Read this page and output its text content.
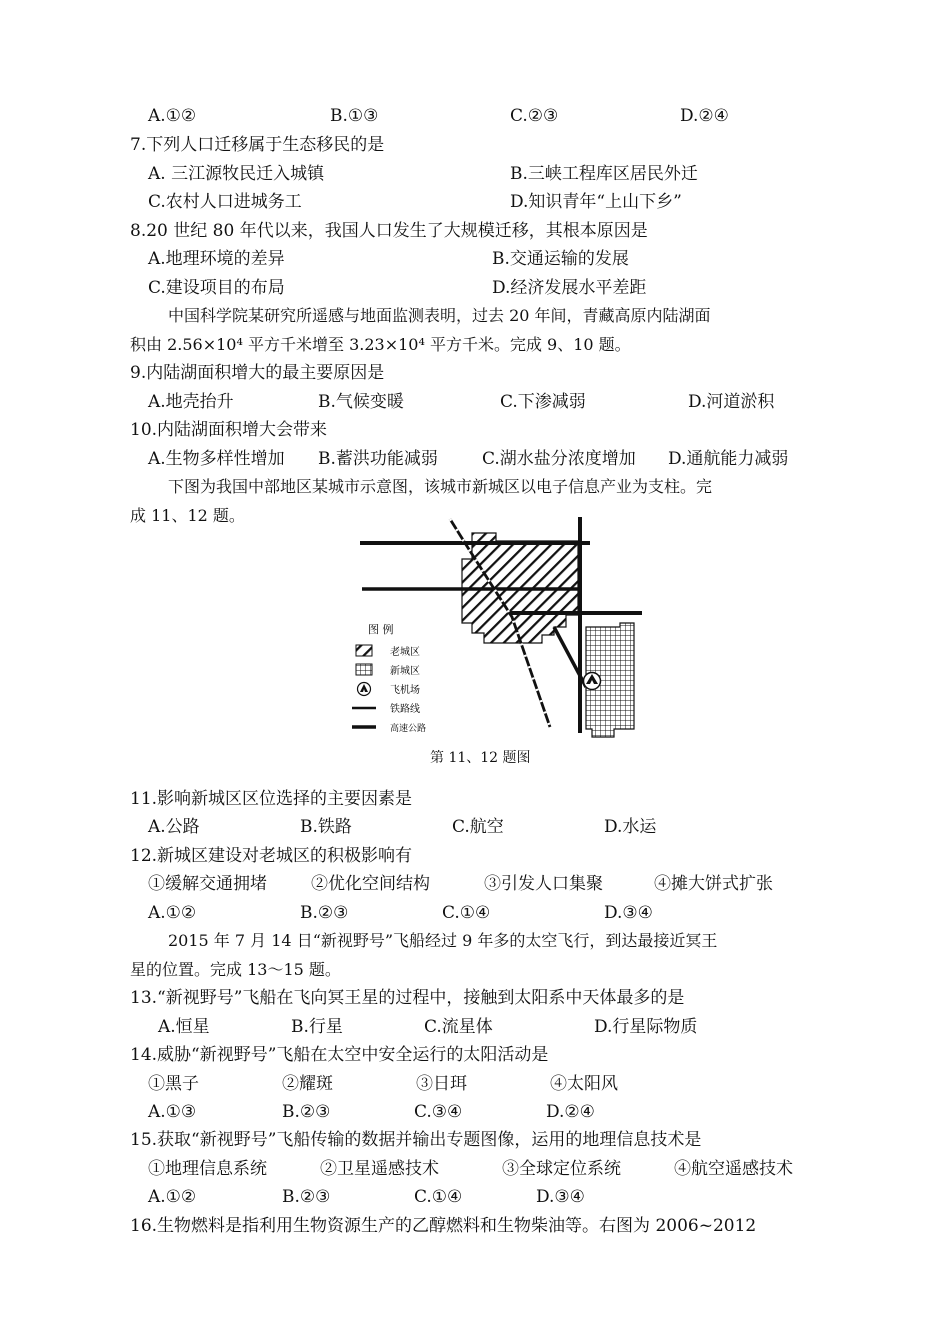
A.①②	B.①③	C.②③	D.②④
7.下列人口迁移属于生态移民的是
A. 三江源牧民迁入城镇	B.三峡工程库区居民外迁
C.农村人口进城务工	D.知识青年“上山下乡”
8.20 世纪 80 年代以来，我国人口发生了大规模迁移，其根本原因是
A.地理环境的差异	B.交通运输的发展
C.建设项目的布局	D.经济发展水平差距
中国科学院某研究所遥感与地面监测表明，过去 20 年间，青藏高原内陆湖面
积由 2.56×10⁴ 平方千米增至 3.23×10⁴ 平方千米。完成 9、10 题。
9.内陆湖面积增大的最主要原因是
A.地壳抬升	B.气候变暖	C.下渗减弱	D.河道淤积
10.内陆湖面积增大会带来
A.生物多样性增加 B.蓄洪功能减弱	C.湖水盐分浓度增加 D.通航能力减弱
下图为我国中部地区某城市示意图，该城市新城区以电子信息产业为支柱。完
成 11、12 题。
图 例
老城区
新城区
飞机场
铁路线
高速公路
第 11、12 题图
11.影响新城区区位选择的主要因素是
A.公路	B.铁路	C.航空	D.水运
12.新城区建设对老城区的积极影响有
①缓解交通拥堵	②优化空间结构	③引发人口集聚	④摊大饼式扩张
A.①②	B.②③	C.①④	D.③④
2015 年 7 月 14 日“新视野号”飞船经过 9 年多的太空飞行，到达最接近冥王
星的位置。完成 13～15 题。
13.“新视野号”飞船在飞向冥王星的过程中，接触到太阳系中天体最多的是
A.恒星	B.行星	C.流星体	D.行星际物质
14.威胁“新视野号”飞船在太空中安全运行的太阳活动是
①黑子	②耀斑	③日珥	④太阳风
A.①③	B.②③	C.③④	D.②④
15.获取“新视野号”飞船传输的数据并输出专题图像，运用的地理信息技术是
①地理信息系统	②卫星遥感技术	③全球定位系统	④航空遥感技术
A.①②	B.②③	C.①④	D.③④
16.生物燃料是指利用生物资源生产的乙醇燃料和生物柴油等。右图为 2006~2012
